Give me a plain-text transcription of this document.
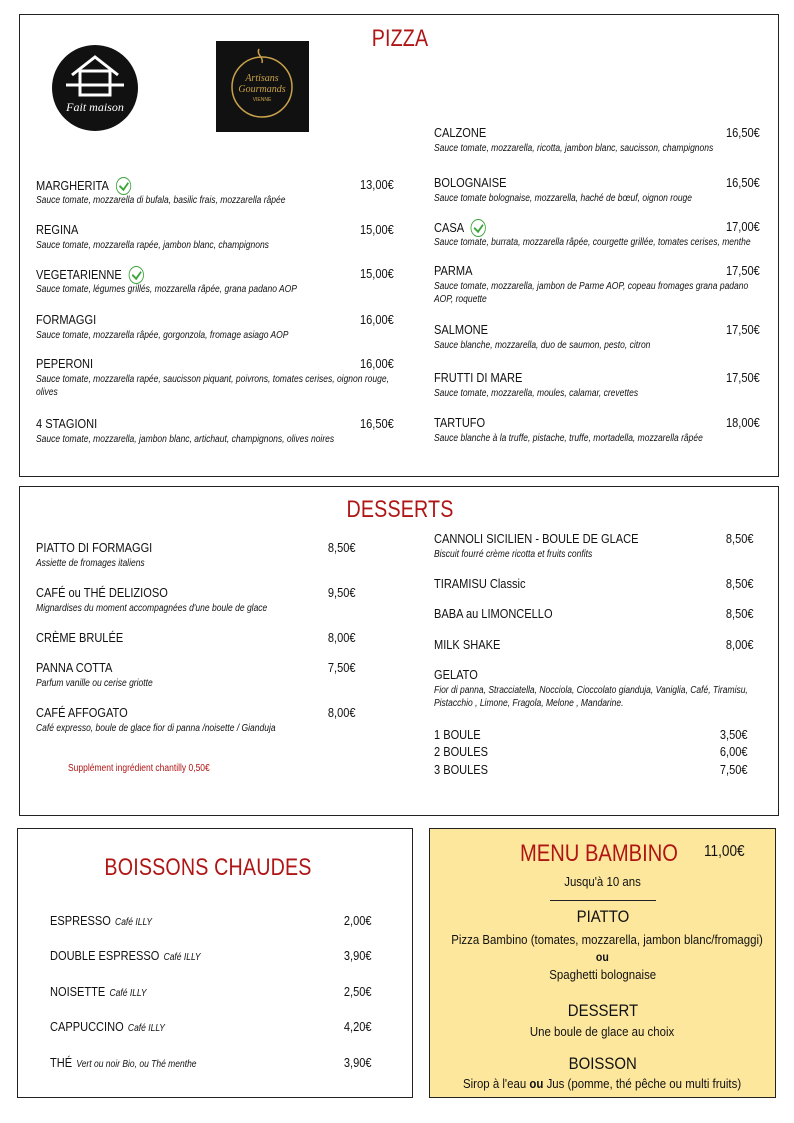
PIZZA
Fait maison
Artisans
Gourmands
VIENNE
MARGHERITA	13,00€
Sauce tomate, mozzarella di bufala, basilic frais, mozzarella râpée
REGINA	15,00€
Sauce tomate, mozzarella rapée, jambon blanc, champignons
VEGETARIENNE	15,00€
Sauce tomate, légumes grillés, mozzarella râpée, grana padano AOP
FORMAGGI	16,00€
Sauce tomate, mozzarella râpée, gorgonzola, fromage asiago AOP
PEPERONI	16,00€
Sauce tomate, mozzarella rapée, saucisson piquant, poivrons, tomates cerises, oignon rouge, olives
4 STAGIONI	16,50€
Sauce tomate, mozzarella, jambon blanc, artichaut, champignons, olives noires
CALZONE	16,50€
Sauce tomate, mozzarella, ricotta, jambon blanc, saucisson, champignons
BOLOGNAISE	16,50€
Sauce tomate bolognaise, mozzarella, haché de bœuf, oignon rouge
CASA	17,00€
Sauce tomate, burrata, mozzarella râpée, courgette grillée, tomates cerises, menthe
PARMA	17,50€
Sauce tomate, mozzarella, jambon de Parme AOP, copeau fromages grana padano AOP, roquette
SALMONE	17,50€
Sauce blanche, mozzarella, duo de saumon, pesto, citron
FRUTTI DI MARE	17,50€
Sauce tomate, mozzarella, moules, calamar, crevettes
TARTUFO	18,00€
Sauce blanche à la truffe, pistache, truffe, mortadella, mozzarella râpée
DESSERTS
PIATTO DI FORMAGGI	8,50€
Assiette de fromages italiens
CAFÉ ou THÉ DELIZIOSO	9,50€
Mignardises du moment accompagnées d'une boule de glace
CRÈME BRULÉE	8,00€
PANNA COTTA	7,50€
Parfum vanille ou cerise griotte
CAFÉ AFFOGATO	8,00€
Café expresso, boule de glace fior di panna /noisette / Gianduja
CANNOLI SICILIEN - BOULE DE GLACE	8,50€
Biscuit fourré crème ricotta et fruits confits
TIRAMISU Classic	8,50€
BABA au LIMONCELLO	8,50€
MILK SHAKE	8,00€
Supplément ingrédient chantilly 0,50€
GELATO
Fior di panna, Stracciatella, Nocciola, Cioccolato gianduja, Vaniglia, Café, Tiramisu, Pistacchio , Limone, Fragola, Melone , Mandarine.
1 BOULE	3,50€
2 BOULES	6,00€
3 BOULES	7,50€
BOISSONS CHAUDES
ESPRESSO Café ILLY	2,00€
DOUBLE ESPRESSO Café ILLY	3,90€
NOISETTE Café ILLY	2,50€
CAPPUCCINO Café ILLY	4,20€
THÉ Vert ou noir Bio, ou Thé menthe	3,90€
MENU BAMBINO 11,00€
Jusqu'à 10 ans
PIATTO
Pizza Bambino (tomates, mozzarella, jambon blanc/fromaggi)
ou
Spaghetti bolognaise
DESSERT
Une boule de glace au choix
BOISSON
Sirop à l'eau ou Jus (pomme, thé pêche ou multi fruits)
